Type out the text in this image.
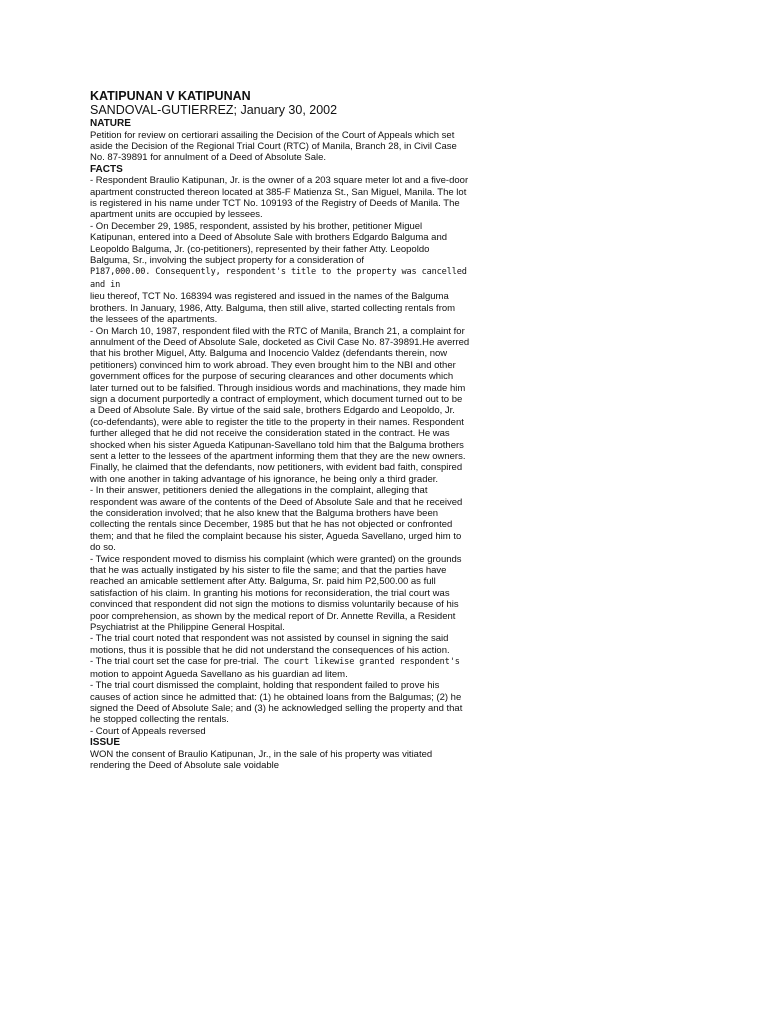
KATIPUNAN V KATIPUNAN
SANDOVAL-GUTIERREZ; January 30, 2002
NATURE

Petition for review on certiorari assailing the Decision of the Court of Appeals which set aside the Decision of the Regional Trial Court (RTC) of Manila, Branch 28, in Civil Case No. 87-39891 for annulment of a Deed of Absolute Sale.

FACTS

- Respondent Braulio Katipunan, Jr. is the owner of a 203 square meter lot and a five-door apartment constructed thereon located at 385-F Matienza St., San Miguel, Manila. The lot is registered in his name under TCT No. 109193 of the Registry of Deeds of Manila. The apartment units are occupied by lessees.

- On December 29, 1985, respondent, assisted by his brother, petitioner Miguel Katipunan, entered into a Deed of Absolute Sale with brothers Edgardo Balguma and Leopoldo Balguma, Jr. (co-petitioners), represented by their father Atty. Leopoldo Balguma, Sr., involving the subject property for a consideration of
P187,000.00. Consequently, respondent's title to the property was cancelled and in
lieu thereof, TCT No. 168394 was registered and issued in the names of the Balguma brothers. In January, 1986, Atty. Balguma, then still alive, started collecting rentals from the lessees of the apartments.

- On March 10, 1987, respondent filed with the RTC of Manila, Branch 21, a complaint for annulment of the Deed of Absolute Sale, docketed as Civil Case No. 87-39891.He averred that his brother Miguel, Atty. Balguma and Inocencio Valdez (defendants therein, now petitioners) convinced him to work abroad. They even brought him to the NBI and other government offices for the purpose of securing clearances and other documents which later turned out to be falsified. Through insidious words and machinations, they made him sign a document purportedly a contract of employment, which document turned out to be a Deed of Absolute Sale. By virtue of the said sale, brothers Edgardo and Leopoldo, Jr. (co-defendants), were able to register the title to the property in their names. Respondent further alleged that he did not receive the consideration stated in the contract. He was shocked when his sister Agueda Katipunan-Savellano told him that the Balguma brothers sent a letter to the lessees of the apartment informing them that they are the new owners. Finally, he claimed that the defendants, now petitioners, with evident bad faith, conspired with one another in taking advantage of his ignorance, he being only a third grader.

- In their answer, petitioners denied the allegations in the complaint, alleging that respondent was aware of the contents of the Deed of Absolute Sale and that he received the consideration involved; that he also knew that the Balguma brothers have been collecting the rentals since December, 1985 but that he has not objected or confronted them; and that he filed the complaint because his sister, Agueda Savellano, urged him to do so.

- Twice respondent moved to dismiss his complaint (which were granted) on the grounds that he was actually instigated by his sister to file the same; and that the parties have reached an amicable settlement after Atty. Balguma, Sr. paid him P2,500.00 as full satisfaction of his claim. In granting his motions for reconsideration, the trial court was convinced that respondent did not sign the motions to dismiss voluntarily because of his poor comprehension, as shown by the medical report of Dr. Annette Revilla, a Resident Psychiatrist at the Philippine General Hospital.

- The trial court noted that respondent was not assisted by counsel in signing the said motions, thus it is possible that he did not understand the consequences of his action.

- The trial court set the case for pre-trial. The court likewise granted respondent's
motion to appoint Agueda Savellano as his guardian ad litem.

- The trial court dismissed the complaint, holding that respondent failed to prove his causes of action since he admitted that: (1) he obtained loans from the Balgumas; (2) he signed the Deed of Absolute Sale; and (3) he acknowledged selling the property and that he stopped collecting the rentals.

- Court of Appeals reversed

ISSUE

WON the consent of Braulio Katipunan, Jr., in the sale of his property was vitiated rendering the Deed of Absolute sale voidable
